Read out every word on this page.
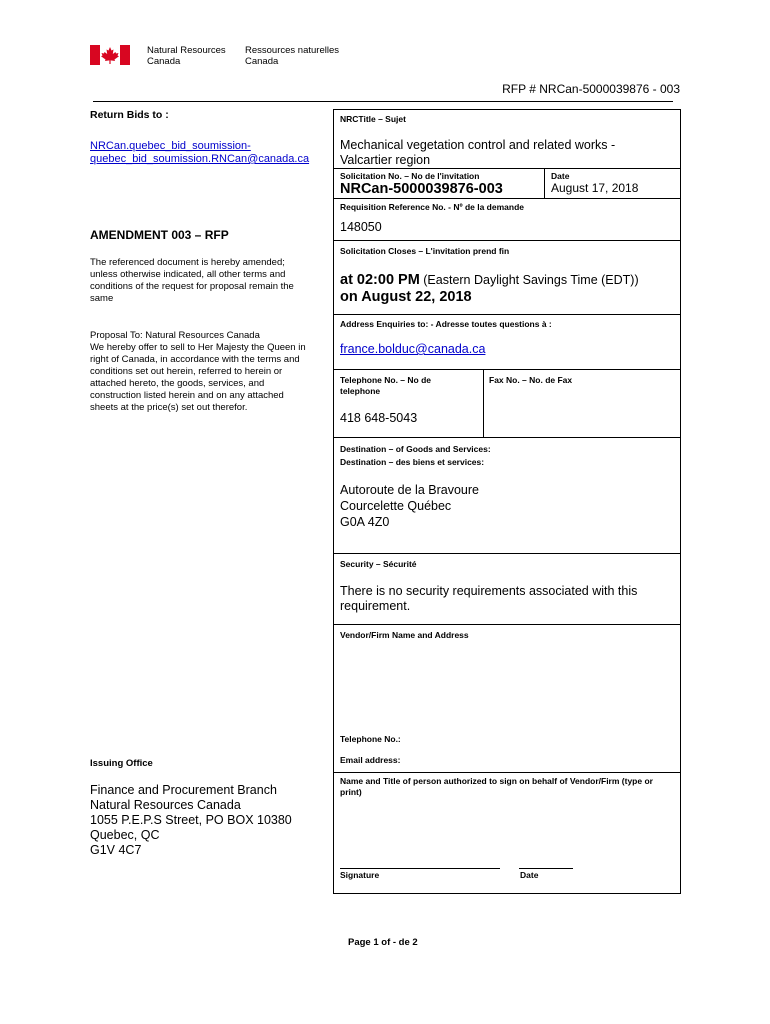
Natural Resources
Canada
Ressources naturelles
Canada
RFP # NRCan-5000039876 - 003
Return Bids to :
NRCan.quebec_bid_soumission-
quebec_bid_soumission.RNCan@canada.ca
AMENDMENT 003 – RFP
The referenced document is hereby amended;
unless otherwise indicated, all other terms and
conditions of the request for proposal remain the
same
Proposal To: Natural Resources Canada
We hereby offer to sell to Her Majesty the Queen in
right of Canada, in accordance with the terms and
conditions set out herein, referred to herein or
attached hereto, the goods, services, and
construction listed herein and on any attached
sheets at the price(s) set out therefor.
Issuing Office
Finance and Procurement Branch
Natural Resources Canada
1055 P.E.P.S Street, PO BOX 10380
Quebec, QC
G1V 4C7
NRCTitle – Sujet
Mechanical vegetation control and related works -
Valcartier region
Solicitation No. – No de l'invitation
NRCan-5000039876-003
Date
August 17, 2018
Requisition Reference No. - Nº de la demande
148050
Solicitation Closes – L'invitation prend fin
at 02:00 PM (Eastern Daylight Savings Time (EDT))
on August 22, 2018
Address Enquiries to: - Adresse toutes questions à :
france.bolduc@canada.ca
Telephone No. – No de
telephone
Fax No. – No. de Fax
418 648-5043
Destination – of Goods and Services:
Destination – des biens et services:
Autoroute de la Bravoure
Courcelette Québec
G0A 4Z0
Security – Sécurité
There is no security requirements associated with this
requirement.
Vendor/Firm Name and Address
Telephone No.:
Email address:
Name and Title of person authorized to sign on behalf of Vendor/Firm (type or
print)
Signature	Date
Page 1 of - de 2
